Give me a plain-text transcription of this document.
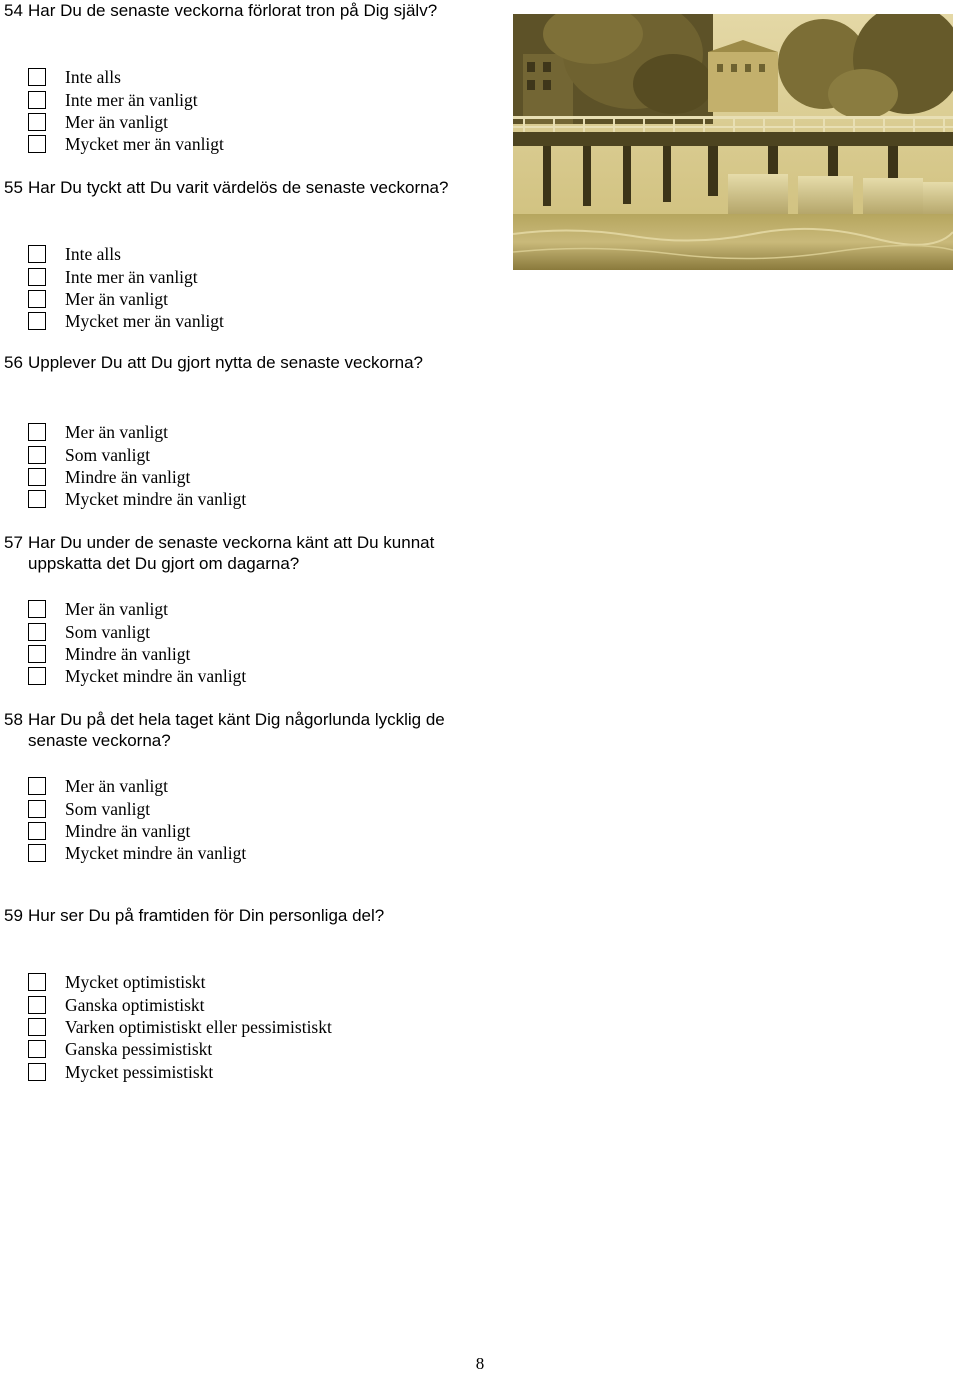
54 Har Du de senaste veckorna förlorat tron på Dig själv?

Inte alls
Inte mer än vanligt
Mer än vanligt
Mycket mer än vanligt

55 Har Du tyckt att Du varit värdelös de senaste veckorna?

Inte alls
Inte mer än vanligt
Mer än vanligt
Mycket mer än vanligt

56 Upplever Du att Du gjort nytta de senaste veckorna?

Mer än vanligt
Som vanligt
Mindre än vanligt
Mycket mindre än vanligt

57 Har Du under de senaste veckorna känt att Du kunnat uppskatta det Du gjort om dagarna?

Mer än vanligt
Som vanligt
Mindre än vanligt
Mycket mindre än vanligt

58 Har Du på det hela taget känt Dig någorlunda lycklig de senaste veckorna?

Mer än vanligt
Som vanligt
Mindre än vanligt
Mycket mindre än vanligt

59 Hur ser Du på framtiden för Din personliga del?

Mycket optimistiskt
Ganska optimistiskt
Varken optimistiskt eller pessimistiskt
Ganska pessimistiskt
Mycket pessimistiskt
8
